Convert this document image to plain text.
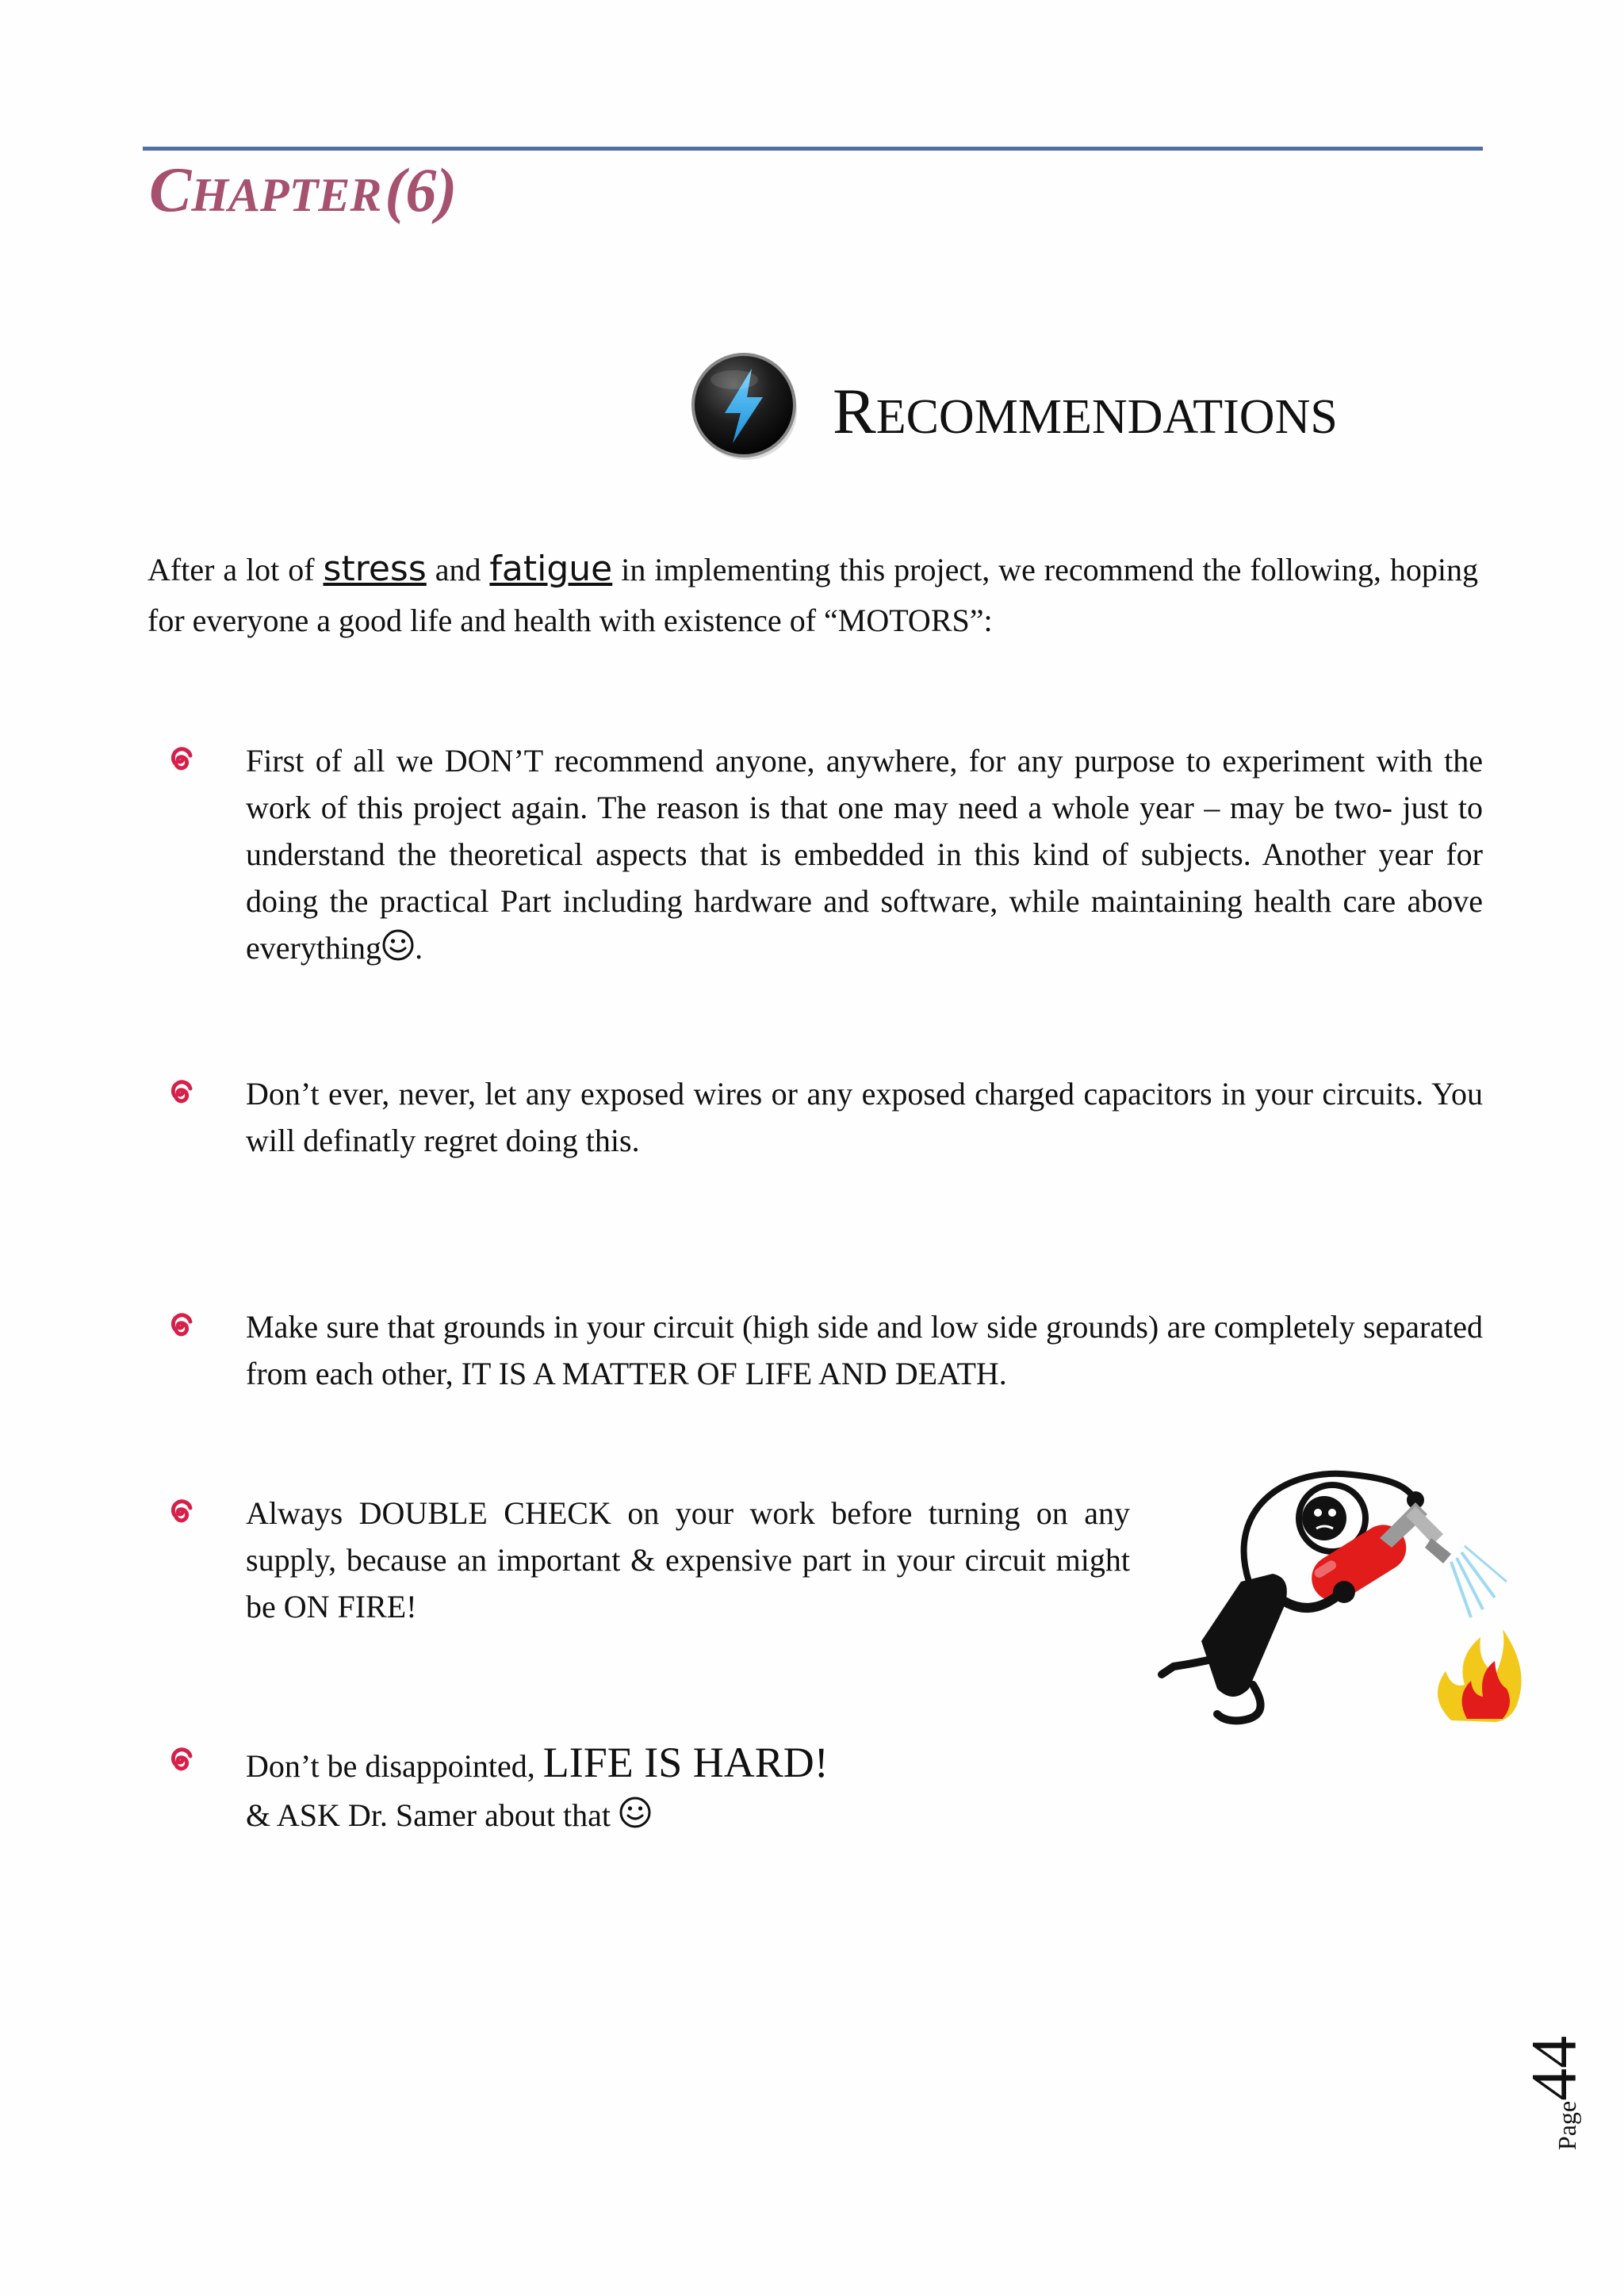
CHAPTER (6)
RECOMMENDATIONS
After a lot of stress and fatigue in implementing this project, we recommend the following, hoping for everyone a good life and health with existence of “MOTORS”:
First of all we DON’T recommend anyone, anywhere, for any purpose to experiment with the work of this project again. The reason is that one may need a whole year – may be two- just to understand the theoretical aspects that is embedded in this kind of subjects. Another year for doing the practical Part including hardware and software, while maintaining health care above everything .
Don’t ever, never, let any exposed wires or any exposed charged capacitors in your circuits. You will definatly regret doing this.
Make sure that grounds in your circuit (high side and low side grounds) are completely separated from each other, IT IS A MATTER OF LIFE AND DEATH.
Always DOUBLE CHECK on your work before turning on any supply, because an important & expensive part in your circuit might be ON FIRE!
Don’t be disappointed, LIFE IS HARD!
& ASK Dr. Samer about that
Page44
